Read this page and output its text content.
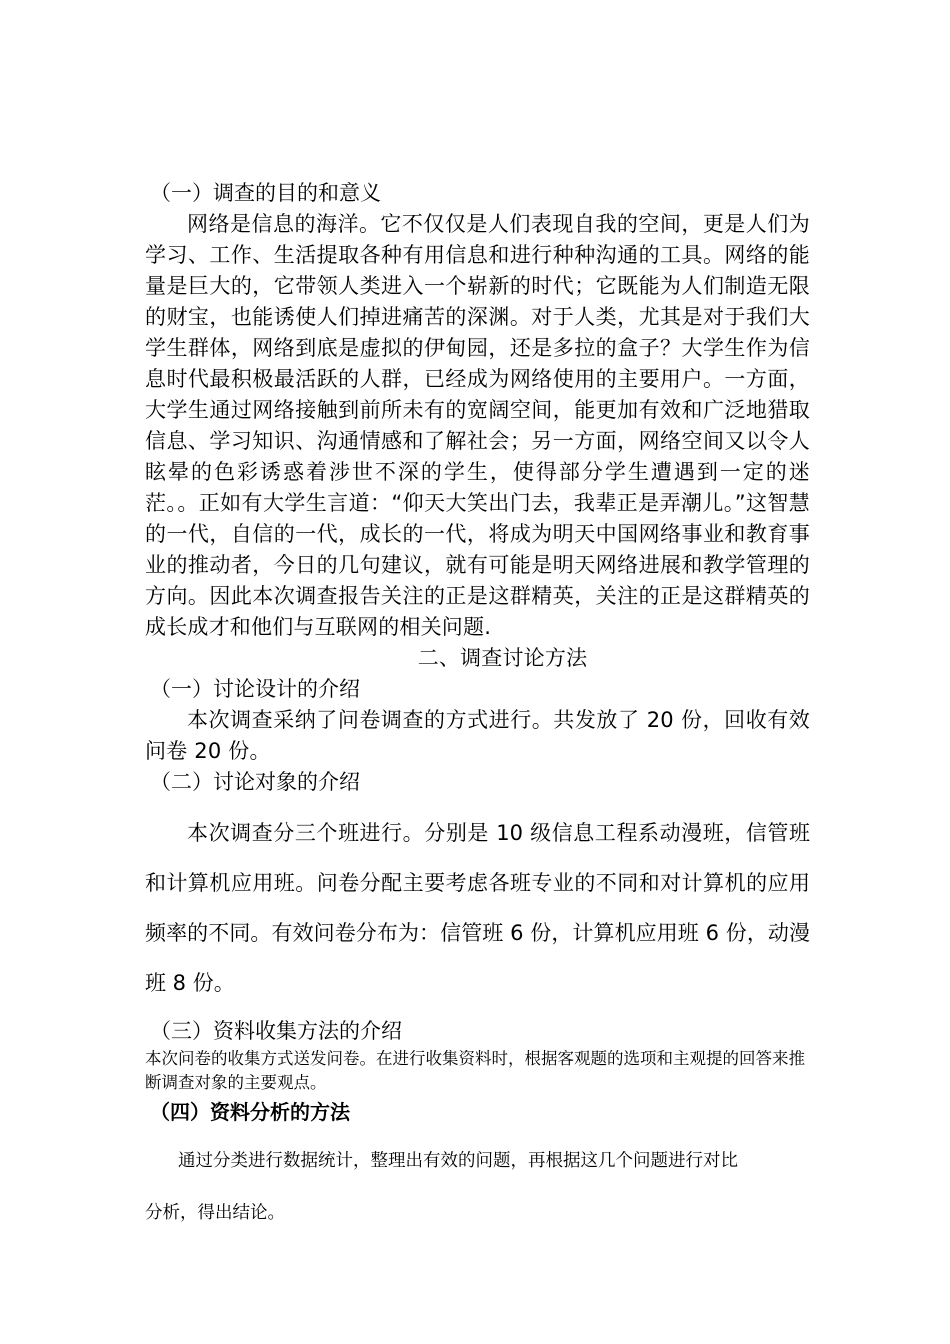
（一）调查的目的和意义

网络是信息的海洋。它不仅仅是人们表现自我的空间，更是人们为学习、工作、生活提取各种有用信息和进行种种沟通的工具。网络的能量是巨大的，它带领人类进入一个崭新的时代；它既能为人们制造无限的财宝，也能诱使人们掉进痛苦的深渊。对于人类，尤其是对于我们大学生群体，网络到底是虚拟的伊甸园，还是多拉的盒子？大学生作为信息时代最积极最活跃的人群，已经成为网络使用的主要用户。一方面，大学生通过网络接触到前所未有的宽阔空间，能更加有效和广泛地猎取信息、学习知识、沟通情感和了解社会；另一方面，网络空间又以令人眩晕的色彩诱惑着涉世不深的学生，使得部分学生遭遇到一定的迷茫。。正如有大学生言道：“仰天大笑出门去，我辈正是弄潮儿。”这智慧的一代，自信的一代，成长的一代，将成为明天中国网络事业和教育事业的推动者，今日的几句建议，就有可能是明天网络进展和教学管理的方向。因此本次调查报告关注的正是这群精英，关注的正是这群精英的成长成才和他们与互联网的相关问题.

二、调查讨论方法

（一）讨论设计的介绍

本次调查采纳了问卷调查的方式进行。共发放了 20 份，回收有效问卷 20 份。

（二）讨论对象的介绍

本次调查分三个班进行。分别是 10 级信息工程系动漫班，信管班和计算机应用班。问卷分配主要考虑各班专业的不同和对计算机的应用频率的不同。有效问卷分布为：信管班 6 份，计算机应用班 6 份，动漫班 8 份。

（三）资料收集方法的介绍

本次问卷的收集方式送发问卷。在进行收集资料时，根据客观题的选项和主观提的回答来推断调查对象的主要观点。

（四）资料分析的方法

通过分类进行数据统计，整理出有效的问题，再根据这几个问题进行对比

分析，得出结论。
